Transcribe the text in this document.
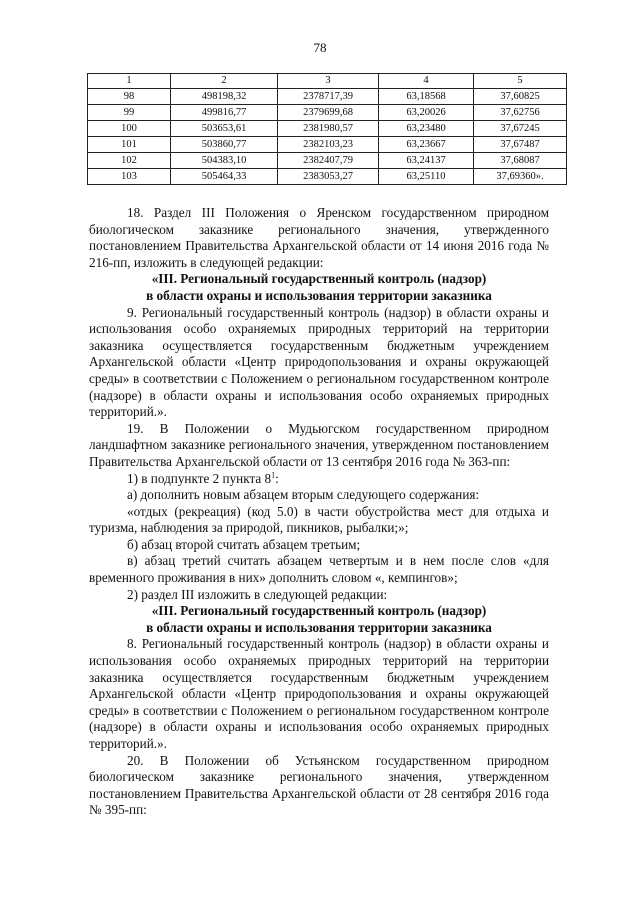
78
1	2	3	4	5
98	498198,32	2378717,39	63,18568	37,60825
99	499816,77	2379699,68	63,20026	37,62756
100	503653,61	2381980,57	63,23480	37,67245
101	503860,77	2382103,23	63,23667	37,67487
102	504383,10	2382407,79	63,24137	37,68087
103	505464,33	2383053,27	63,25110	37,69360».

18. Раздел III Положения о Яренском государственном природном биологическом заказнике регионального значения, утвержденного постановлением Правительства Архангельской области от 14 июня 2016 года № 216-пп, изложить в следующей редакции:

«III. Региональный государственный контроль (надзор)

в области охраны и использования территории заказника

9. Региональный государственный контроль (надзор) в области охраны и использования особо охраняемых природных территорий на территории заказника осуществляется государственным бюджетным учреждением Архангельской области «Центр природопользования и охраны окружающей среды» в соответствии с Положением о региональном государственном контроле (надзоре) в области охраны и использования особо охраняемых природных территорий.».

19. В Положении о Мудьюгском государственном природном ландшафтном заказнике регионального значения, утвержденном постановлением Правительства Архангельской области от 13 сентября 2016 года № 363-пп:

1) в подпункте 2 пункта $8^1$:

а) дополнить новым абзацем вторым следующего содержания:

«отдых (рекреация) (код 5.0) в части обустройства мест для отдыха и туризма, наблюдения за природой, пикников, рыбалки;»;

б) абзац второй считать абзацем третьим;

в) абзац третий считать абзацем четвертым и в нем после слов «для временного проживания в них» дополнить словом «, кемпингов»;

2) раздел III изложить в следующей редакции:

«III. Региональный государственный контроль (надзор)

в области охраны и использования территории заказника

8. Региональный государственный контроль (надзор) в области охраны и использования особо охраняемых природных территорий на территории заказника осуществляется государственным бюджетным учреждением Архангельской области «Центр природопользования и охраны окружающей среды» в соответствии с Положением о региональном государственном контроле (надзоре) в области охраны и использования особо охраняемых природных территорий.».

20. В Положении об Устьянском государственном природном биологическом заказнике регионального значения, утвержденном постановлением Правительства Архангельской области от 28 сентября 2016 года № 395-пп:
